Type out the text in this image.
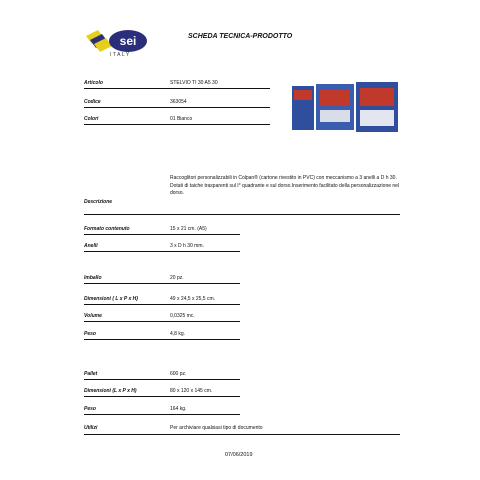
sei
ITALY
SCHEDA TECNICA-PRODOTTO
Articolo	STELVIO TI 30 A5 30
Codice	363054
Colori	01 Bianco
Descrizione
Raccoglitori personalizzabili in Colpan® (cartone rivestito in PVC) con meccanismo a 3 anelli a D h 30. Dotati di taiche trasparenti sul I° quadrante e sul dorso.Inserimento facilitato della personalizzazione nel dorso.
Formato contenuto	15 x 21 cm. (A5)
Anelli	3 x D h 30 mm.
Imballo	20 pz.
Dimensioni ( L x P x H)	49 x 24,5 x 25,5 cm.
Volume	0,0325 mc.
Peso	4,8 kg.
Pallet	600 pz.
Dimensioni (L x P x H)	80 x 120 x 145 cm.
Peso	164 kg.
Utilizi	Per archiviare qualsiasi tipo di documento
07/06/2019
